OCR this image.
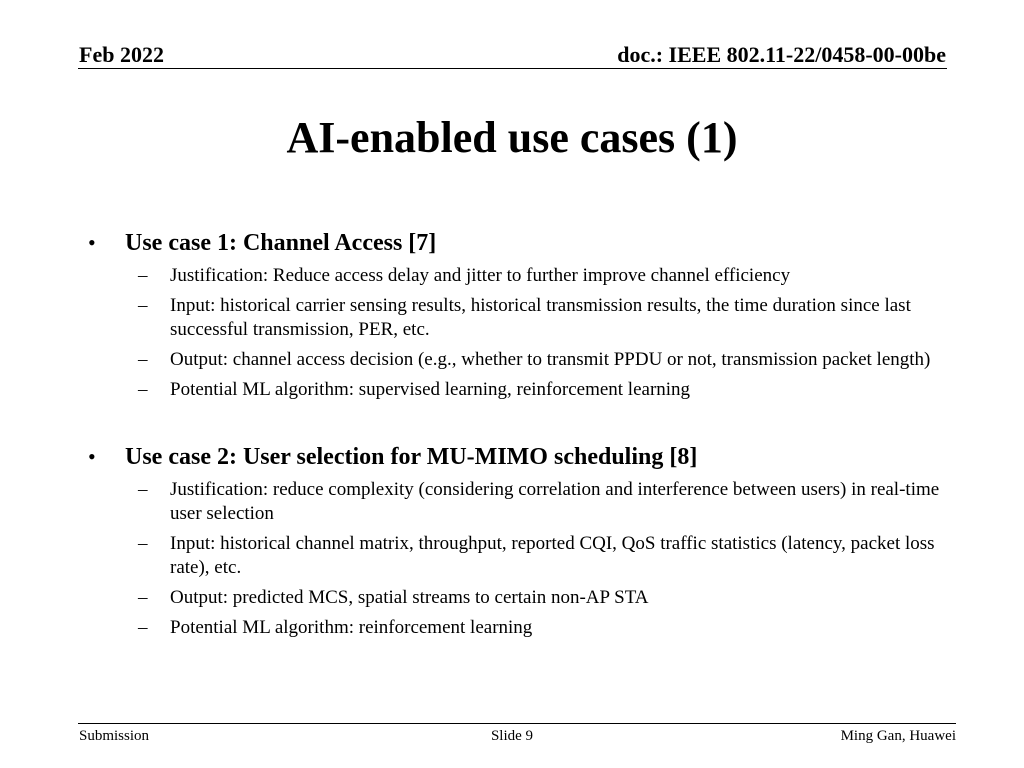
Feb 2022	doc.: IEEE 802.11-22/0458-00-00be
AI-enabled use cases (1)
• Use case 1: Channel Access [7]
– Justification: Reduce access delay and jitter to further improve channel efficiency
– Input: historical carrier sensing results, historical transmission results, the time duration since last successful transmission, PER, etc.
– Output: channel access decision (e.g., whether to transmit PPDU or not, transmission packet length)
– Potential ML algorithm: supervised learning, reinforcement learning
• Use case 2: User selection for MU-MIMO scheduling [8]
– Justification: reduce complexity (considering correlation and interference between users) in real-time user selection
– Input: historical channel matrix, throughput, reported CQI, QoS traffic statistics (latency, packet loss rate), etc.
– Output: predicted MCS, spatial streams to certain non-AP STA
– Potential ML algorithm: reinforcement learning
Submission	Slide 9	Ming Gan, Huawei
